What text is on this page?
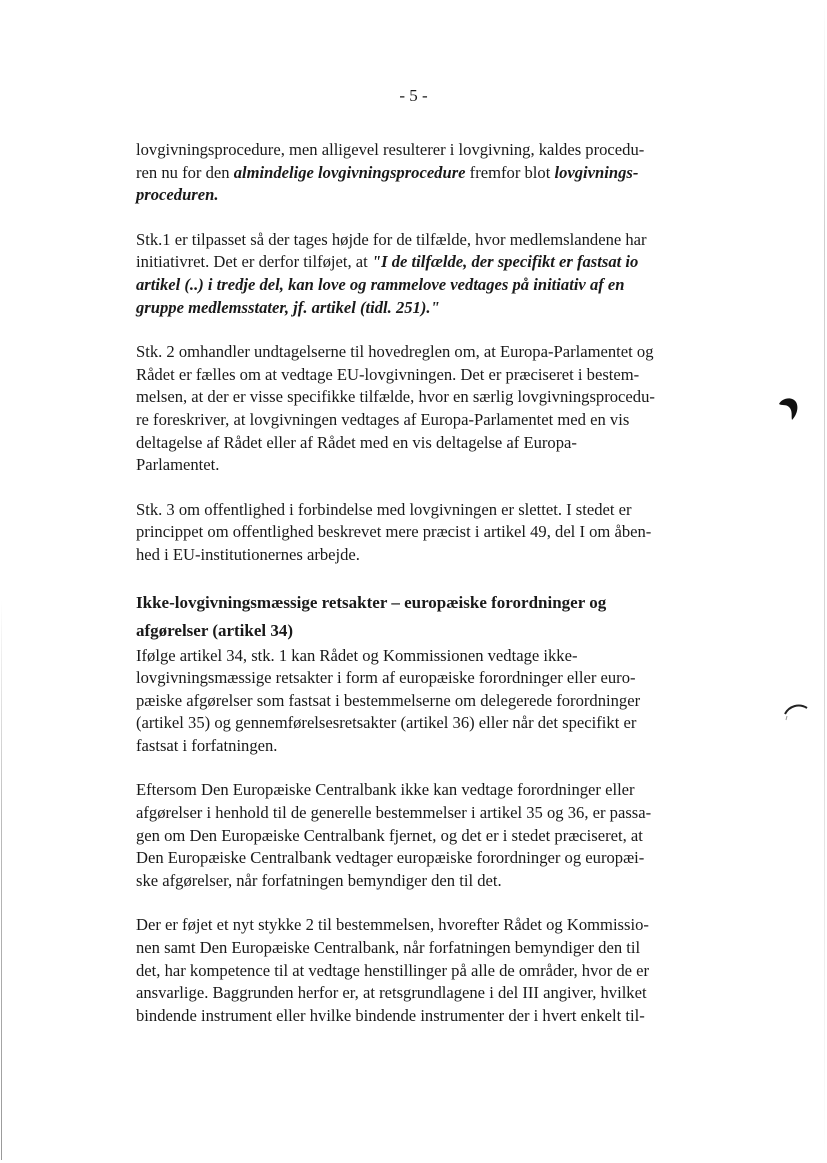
- 5 -

lovgivningsprocedure, men alligevel resulterer i lovgivning, kaldes procedu-
ren nu for den almindelige lovgivningsprocedure fremfor blot lovgivnings-
proceduren.

Stk.1 er tilpasset så der tages højde for de tilfælde, hvor medlemslandene har
initiativret. Det er derfor tilføjet, at "I de tilfælde, der specifikt er fastsat io
artikel (..) i tredje del, kan love og rammelove vedtages på initiativ af en
gruppe medlemsstater, jf. artikel (tidl. 251)."

Stk. 2 omhandler undtagelserne til hovedreglen om, at Europa-Parlamentet og
Rådet er fælles om at vedtage EU-lovgivningen. Det er præciseret i bestem-
melsen, at der er visse specifikke tilfælde, hvor en særlig lovgivningsprocedu-
re foreskriver, at lovgivningen vedtages af Europa-Parlamentet med en vis
deltagelse af Rådet eller af Rådet med en vis deltagelse af Europa-
Parlamentet.

Stk. 3 om offentlighed i forbindelse med lovgivningen er slettet. I stedet er
princippet om offentlighed beskrevet mere præcist i artikel 49, del I om åben-
hed i EU-institutionernes arbejde.

Ikke-lovgivningsmæssige retsakter – europæiske forordninger og
afgørelser (artikel 34)

Ifølge artikel 34, stk. 1 kan Rådet og Kommissionen vedtage ikke-
lovgivningsmæssige retsakter i form af europæiske forordninger eller euro-
pæiske afgørelser som fastsat i bestemmelserne om delegerede forordninger
(artikel 35) og gennemførelsesretsakter (artikel 36) eller når det specifikt er
fastsat i forfatningen.

Eftersom Den Europæiske Centralbank ikke kan vedtage forordninger eller
afgørelser i henhold til de generelle bestemmelser i artikel 35 og 36, er passa-
gen om Den Europæiske Centralbank fjernet, og det er i stedet præciseret, at
Den Europæiske Centralbank vedtager europæiske forordninger og europæi-
ske afgørelser, når forfatningen bemyndiger den til det.

Der er føjet et nyt stykke 2 til bestemmelsen, hvorefter Rådet og Kommissio-
nen samt Den Europæiske Centralbank, når forfatningen bemyndiger den til
det, har kompetence til at vedtage henstillinger på alle de områder, hvor de er
ansvarlige. Baggrunden herfor er, at retsgrundlagene i del III angiver, hvilket
bindende instrument eller hvilke bindende instrumenter der i hvert enkelt til-
